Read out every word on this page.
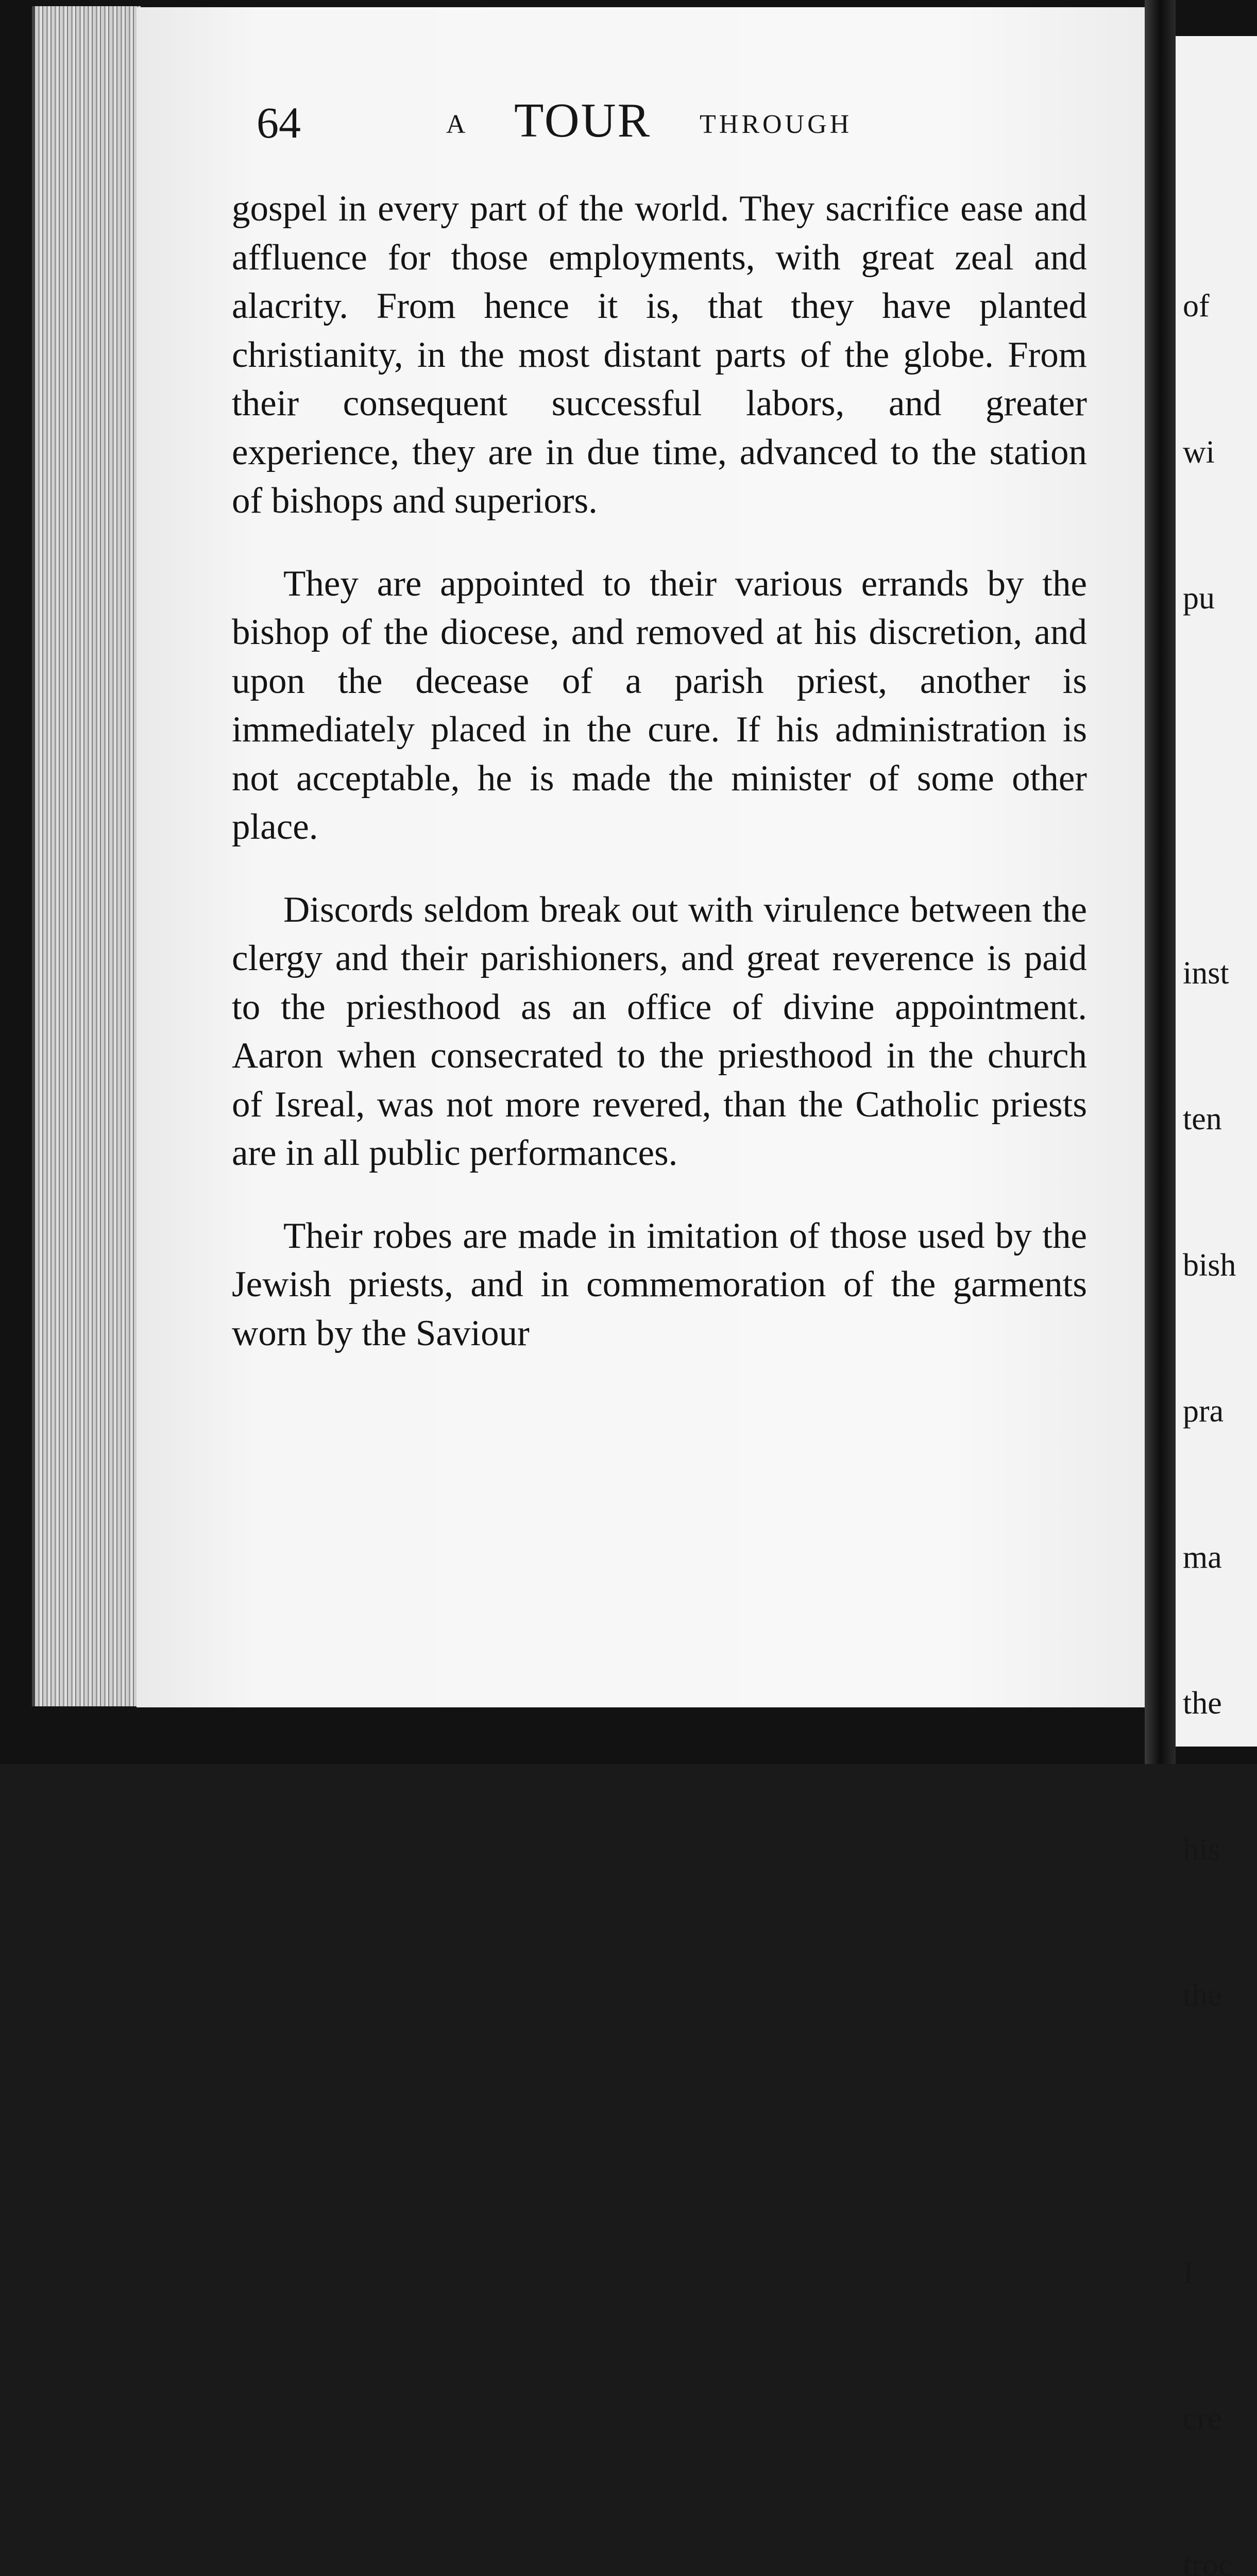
64	A TOUR THROUGH

gospel in every part of the world. They sacrifice ease and affluence for those employments, with great zeal and alacrity. From hence it is, that they have planted christianity, in the most distant parts of the globe. From their consequent successful labors, and greater experience, they are in due time, advanced to the station of bishops and superiors.

They are appointed to their various errands by the bishop of the diocese, and removed at his discretion, and upon the decease of a parish priest, another is immediately placed in the cure. If his administration is not acceptable, he is made the minister of some other place.

Discords seldom break out with virulence between the clergy and their parishioners, and great reverence is paid to the priesthood as an office of divine appointment. Aaron when consecrated to the priesthood in the church of Isreal, was not more revered, than the Catholic priests are in all public performances.

Their robes are made in imitation of those used by the Jewish priests, and in commemoration of the garments worn by the Saviour

of

wi

pu

inst

ten

bish

pra

ma

the

his

the

I

cre

troc
